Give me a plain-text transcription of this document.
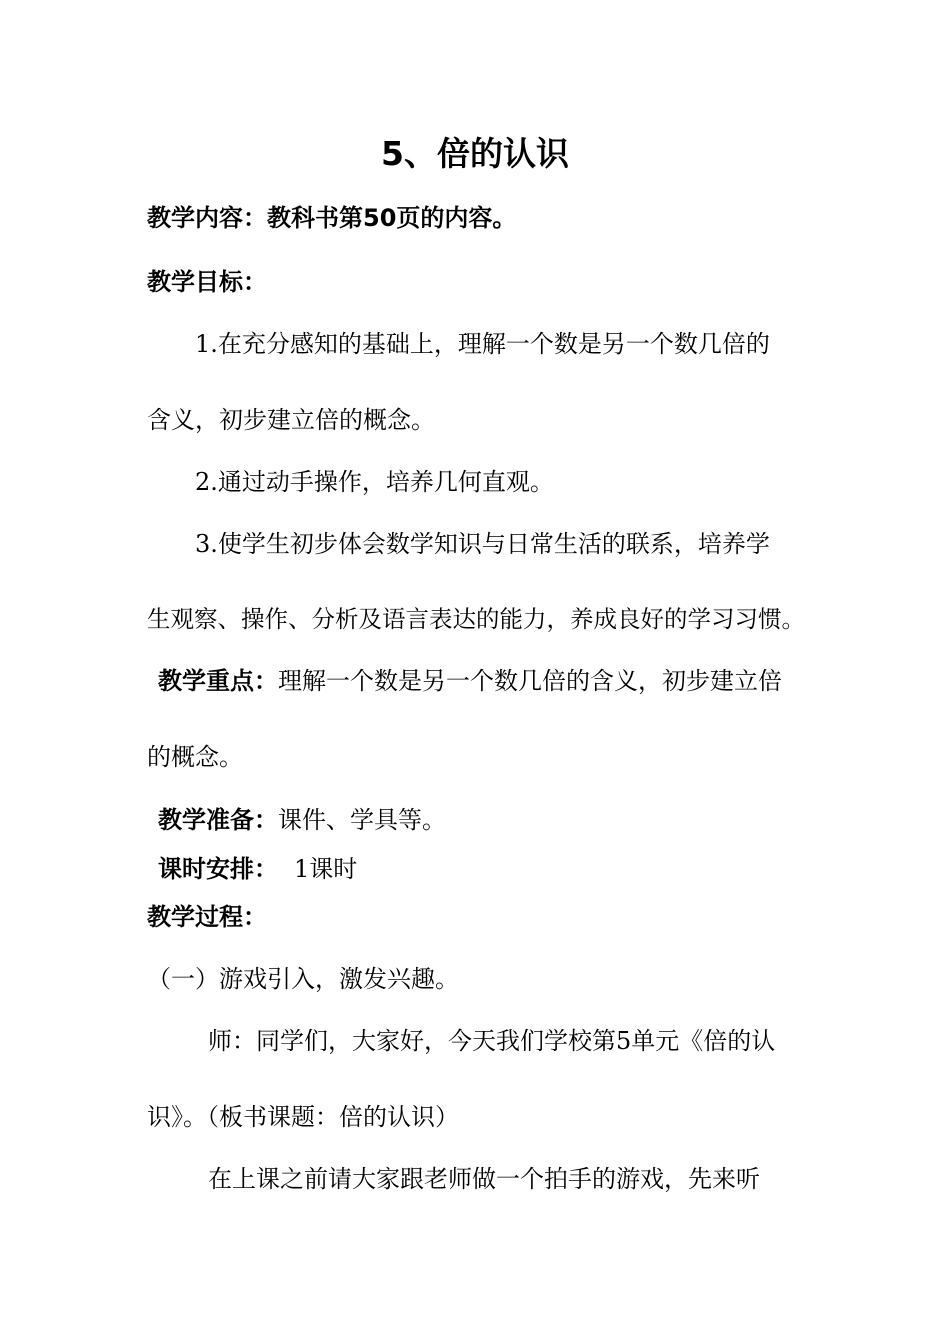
5、倍的认识
教学内容：教科书第50页的内容。
教学目标：
1.在充分感知的基础上，理解一个数是另一个数几倍的
含义，初步建立倍的概念。
2.通过动手操作，培养几何直观。
3.使学生初步体会数学知识与日常生活的联系，培养学
生观察、操作、分析及语言表达的能力，养成良好的学习习惯。
教学重点：理解一个数是另一个数几倍的含义，初步建立倍
的概念。
教学准备：课件、学具等。
课时安排： 1课时
教学过程：
（一）游戏引入，激发兴趣。
师：同学们，大家好，今天我们学校第5单元《倍的认
识》。（板书课题：倍的认识）
在上课之前请大家跟老师做一个拍手的游戏，先来听
